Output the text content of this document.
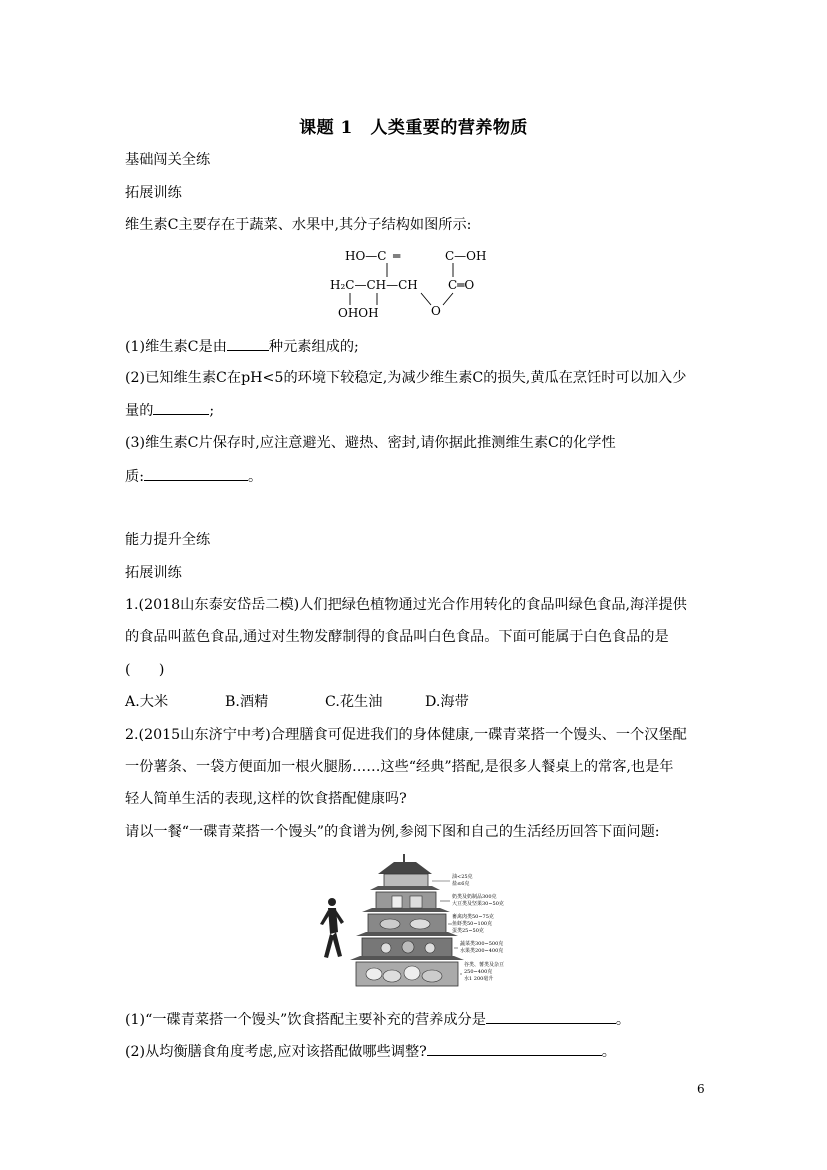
课题 1　人类重要的营养物质
基础闯关全练
拓展训练
维生素C主要存在于蔬菜、水果中,其分子结构如图所示:
HO—C ═	C—OH
H₂C—CH—CH	C═O
OHOH	O
(1)维生素C是由	种元素组成的;
(2)已知维生素C在pH<5的环境下较稳定,为减少维生素C的损失,黄瓜在烹饪时可以加入少
量的	;
(3)维生素C片保存时,应注意避光、避热、密封,请你据此推测维生素C的化学性
质:	。
能力提升全练
拓展训练
1.(2018山东泰安岱岳二模)人们把绿色植物通过光合作用转化的食品叫绿色食品,海洋提供
的食品叫蓝色食品,通过对生物发酵制得的食品叫白色食品。下面可能属于白色食品的是
(　　)
A.大米	B.酒精	C.花生油	D.海带
2.(2015山东济宁中考)合理膳食可促进我们的身体健康,一碟青菜搭一个馒头、一个汉堡配
一份薯条、一袋方便面加一根火腿肠……这些“经典”搭配,是很多人餐桌上的常客,也是年
轻人简单生活的表现,这样的饮食搭配健康吗?
请以一餐“一碟青菜搭一个馒头”的食谱为例,参阅下图和自己的生活经历回答下面问题:
油<25克
盐≤6克
奶类及奶制品300克
大豆类及坚果30~50克
畜禽肉类50~75克
鱼虾类50~100克
蛋类25~50克
蔬菜类300~500克
水果类200~400克
谷类、薯类及杂豆
250~400克
水1 200毫升
(1)“一碟青菜搭一个馒头”饮食搭配主要补充的营养成分是	。
(2)从均衡膳食角度考虑,应对该搭配做哪些调整?	。
6
